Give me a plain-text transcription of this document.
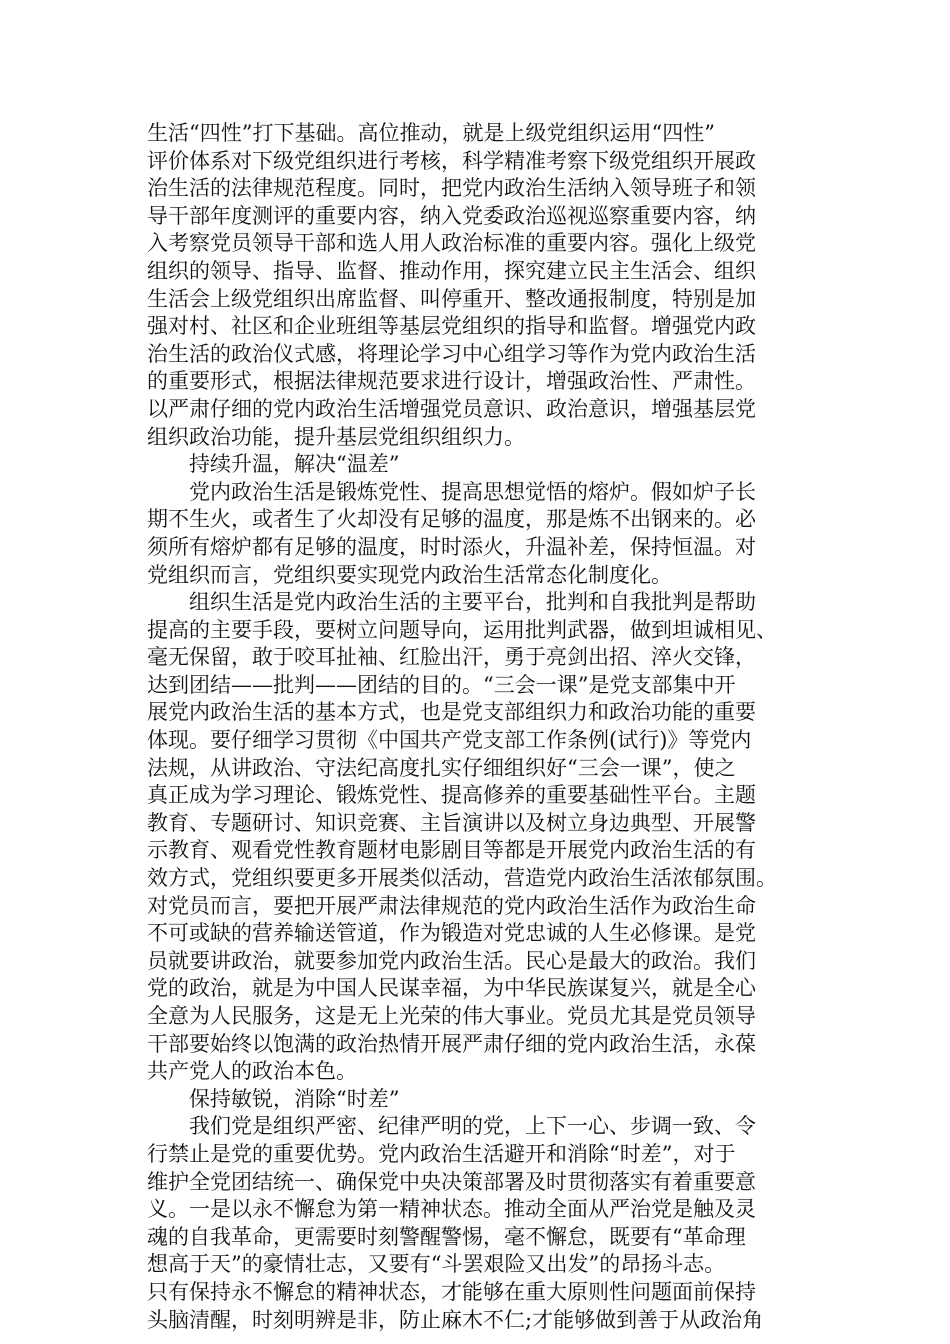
生活“四性”打下基础。高位推动，就是上级党组织运用“四性”
评价体系对下级党组织进行考核，科学精准考察下级党组织开展政
治生活的法律规范程度。同时，把党内政治生活纳入领导班子和领
导干部年度测评的重要内容，纳入党委政治巡视巡察重要内容，纳
入考察党员领导干部和选人用人政治标准的重要内容。强化上级党
组织的领导、指导、监督、推动作用，探究建立民主生活会、组织
生活会上级党组织出席监督、叫停重开、整改通报制度，特别是加
强对村、社区和企业班组等基层党组织的指导和监督。增强党内政
治生活的政治仪式感，将理论学习中心组学习等作为党内政治生活
的重要形式，根据法律规范要求进行设计，增强政治性、严肃性。
以严肃仔细的党内政治生活增强党员意识、政治意识，增强基层党
组织政治功能，提升基层党组织组织力。
持续升温，解决“温差”
　　党内政治生活是锻炼党性、提高思想觉悟的熔炉。假如炉子长
期不生火，或者生了火却没有足够的温度，那是炼不出钢来的。必
须所有熔炉都有足够的温度，时时添火，升温补差，保持恒温。对
党组织而言，党组织要实现党内政治生活常态化制度化。
　　组织生活是党内政治生活的主要平台，批判和自我批判是帮助
提高的主要手段，要树立问题导向，运用批判武器，做到坦诚相见、
毫无保留，敢于咬耳扯袖、红脸出汗，勇于亮剑出招、淬火交锋，
达到团结——批判——团结的目的。“三会一课”是党支部集中开
展党内政治生活的基本方式，也是党支部组织力和政治功能的重要
体现。要仔细学习贯彻《中国共产党支部工作条例(试行)》等党内
法规，从讲政治、守法纪高度扎实仔细组织好“三会一课”，使之
真正成为学习理论、锻炼党性、提高修养的重要基础性平台。主题
教育、专题研讨、知识竞赛、主旨演讲以及树立身边典型、开展警
示教育、观看党性教育题材电影剧目等都是开展党内政治生活的有
效方式，党组织要更多开展类似活动，营造党内政治生活浓郁氛围。
对党员而言，要把开展严肃法律规范的党内政治生活作为政治生命
不可或缺的营养输送管道，作为锻造对党忠诚的人生必修课。是党
员就要讲政治，就要参加党内政治生活。民心是最大的政治。我们
党的政治，就是为中国人民谋幸福，为中华民族谋复兴，就是全心
全意为人民服务，这是无上光荣的伟大事业。党员尤其是党员领导
干部要始终以饱满的政治热情开展严肃仔细的党内政治生活，永葆
共产党人的政治本色。
保持敏锐，消除“时差”
　　我们党是组织严密、纪律严明的党，上下一心、步调一致、令
行禁止是党的重要优势。党内政治生活避开和消除“时差”，对于
维护全党团结统一、确保党中央决策部署及时贯彻落实有着重要意
义。一是以永不懈怠为第一精神状态。推动全面从严治党是触及灵
魂的自我革命，更需要时刻警醒警惕，毫不懈怠，既要有“革命理
想高于天”的豪情壮志，又要有“斗罢艰险又出发”的昂扬斗志。
只有保持永不懈怠的精神状态，才能够在重大原则性问题面前保持
头脑清醒，时刻明辨是非，防止麻木不仁;才能够做到善于从政治角
